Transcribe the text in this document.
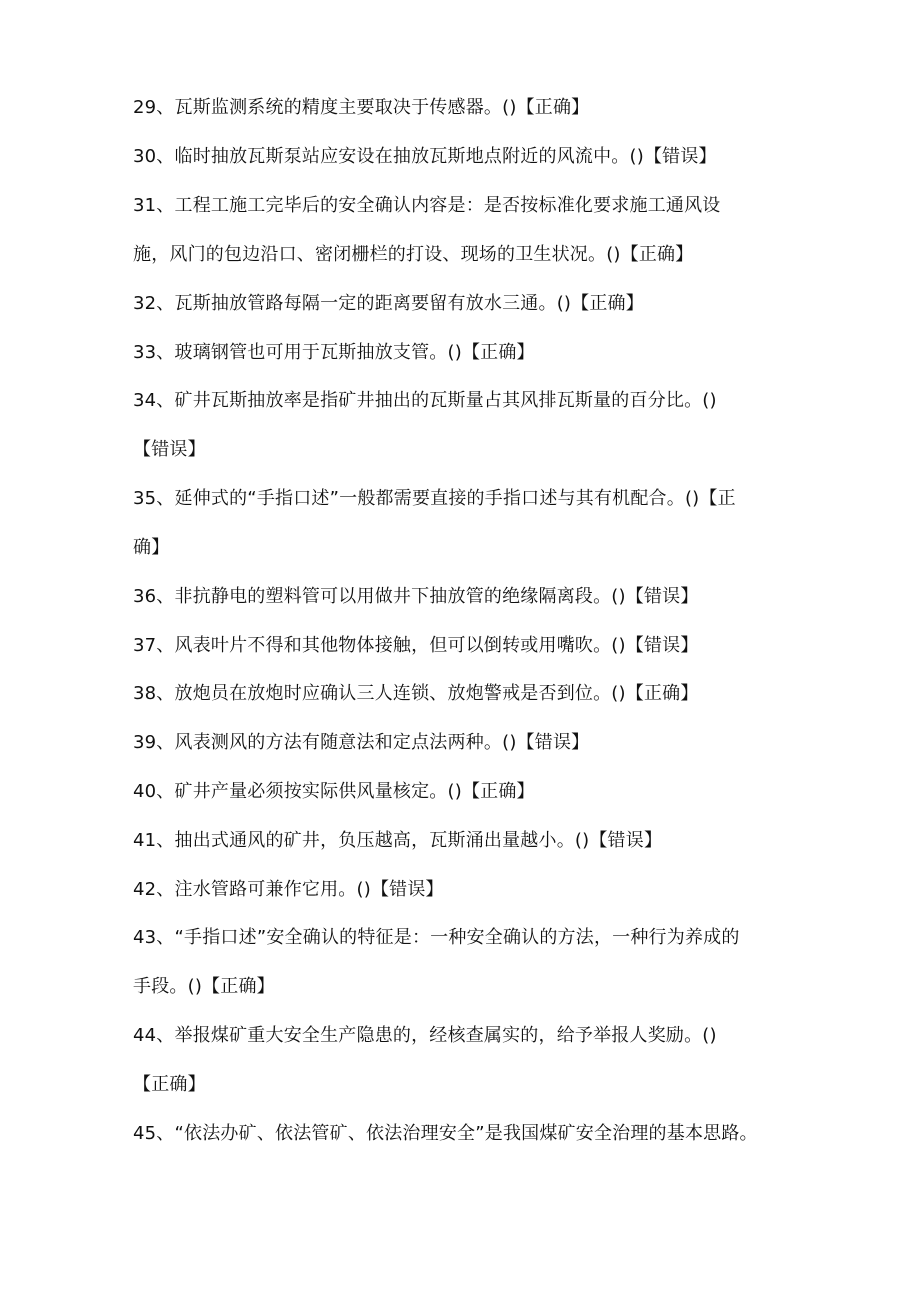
29、瓦斯监测系统的精度主要取决于传感器。()【正确】
30、临时抽放瓦斯泵站应安设在抽放瓦斯地点附近的风流中。()【错误】
31、工程工施工完毕后的安全确认内容是：是否按标准化要求施工通风设
施，风门的包边沿口、密闭栅栏的打设、现场的卫生状况。()【正确】
32、瓦斯抽放管路每隔一定的距离要留有放水三通。()【正确】
33、玻璃钢管也可用于瓦斯抽放支管。()【正确】
34、矿井瓦斯抽放率是指矿井抽出的瓦斯量占其风排瓦斯量的百分比。()
【错误】
35、延伸式的“手指口述”一般都需要直接的手指口述与其有机配合。()【正
确】
36、非抗静电的塑料管可以用做井下抽放管的绝缘隔离段。()【错误】
37、风表叶片不得和其他物体接触，但可以倒转或用嘴吹。()【错误】
38、放炮员在放炮时应确认三人连锁、放炮警戒是否到位。()【正确】
39、风表测风的方法有随意法和定点法两种。()【错误】
40、矿井产量必须按实际供风量核定。()【正确】
41、抽出式通风的矿井，负压越高，瓦斯涌出量越小。()【错误】
42、注水管路可兼作它用。()【错误】
43、“手指口述”安全确认的特征是：一种安全确认的方法，一种行为养成的
手段。()【正确】
44、举报煤矿重大安全生产隐患的，经核查属实的，给予举报人奖励。()
【正确】
45、“依法办矿、依法管矿、依法治理安全”是我国煤矿安全治理的基本思路。
